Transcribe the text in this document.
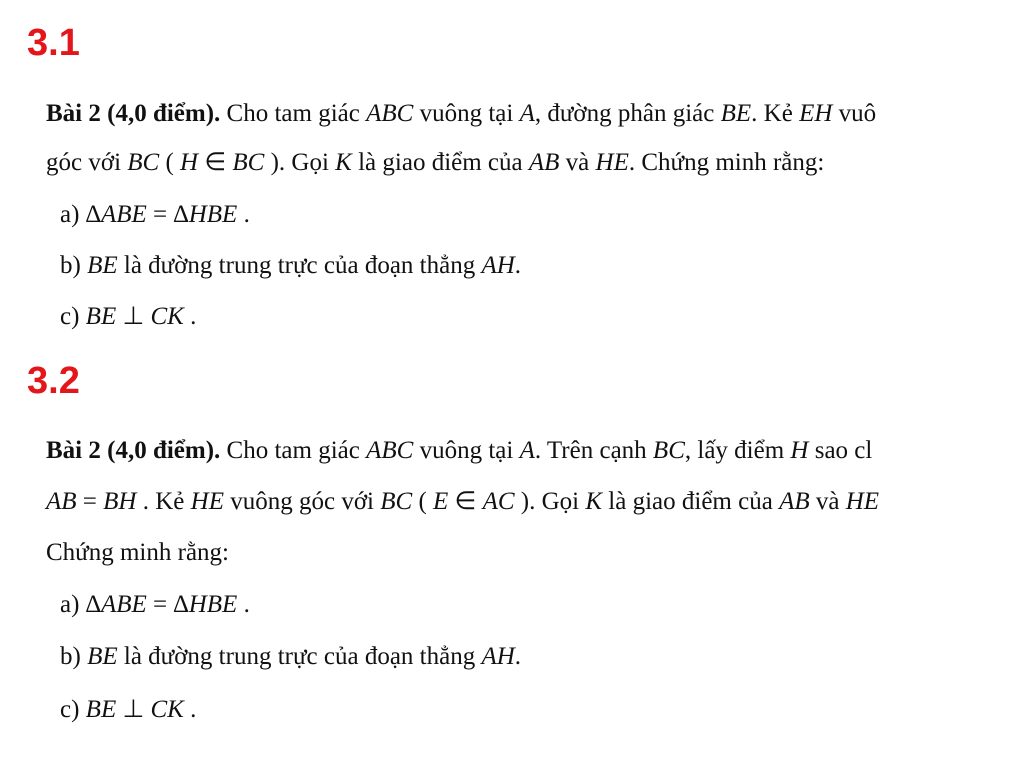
3.1
Bài 2 (4,0 điểm). Cho tam giác ABC vuông tại A, đường phân giác BE. Kẻ EH vuô
góc với BC ( H ∈ BC ). Gọi K là giao điểm của AB và HE. Chứng minh rằng:
a) ∆ABE = ∆HBE .
b) BE là đường trung trực của đoạn thẳng AH.
c) BE ⊥ CK .
3.2
Bài 2 (4,0 điểm). Cho tam giác ABC vuông tại A. Trên cạnh BC, lấy điểm H sao cl
AB = BH . Kẻ HE vuông góc với BC ( E ∈ AC ). Gọi K là giao điểm của AB và HE
Chứng minh rằng:
a) ∆ABE = ∆HBE .
b) BE là đường trung trực của đoạn thẳng AH.
c) BE ⊥ CK .
